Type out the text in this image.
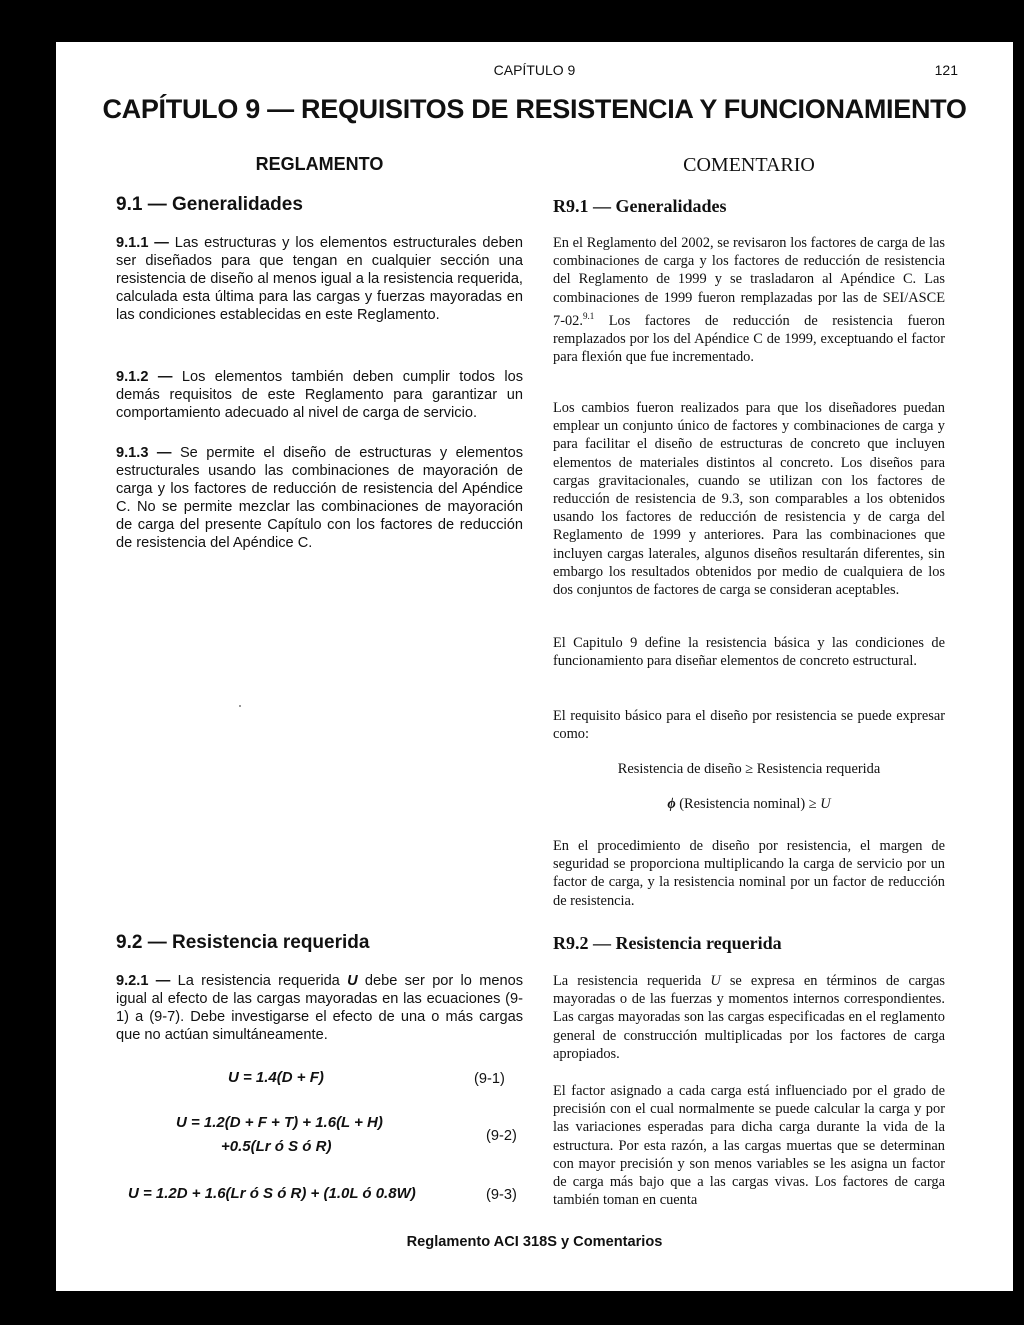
CAPÍTULO 9	121
CAPÍTULO 9 — REQUISITOS DE RESISTENCIA Y FUNCIONAMIENTO
REGLAMENTO	COMENTARIO
9.1 — Generalidades

9.1.1 — Las estructuras y los elementos estructurales deben ser diseñados para que tengan en cualquier sección una resistencia de diseño al menos igual a la resistencia requerida, calculada esta última para las cargas y fuerzas mayoradas en las condiciones establecidas en este Reglamento.

9.1.2 — Los elementos también deben cumplir todos los demás requisitos de este Reglamento para garantizar un comportamiento adecuado al nivel de carga de servicio.

9.1.3 — Se permite el diseño de estructuras y elementos estructurales usando las combinaciones de mayoración de carga y los factores de reducción de resistencia del Apéndice C. No se permite mezclar las combinaciones de mayoración de carga del presente Capítulo con los factores de reducción de resistencia del Apéndice C.

9.2 — Resistencia requerida

9.2.1 — La resistencia requerida U debe ser por lo menos igual al efecto de las cargas mayoradas en las ecuaciones (9-1) a (9-7). Debe investigarse el efecto de una o más cargas que no actúan simultáneamente.

U = 1.4(D + F)	(9-1)
U = 1.2(D + F + T) + 1.6(L + H)
+0.5(Lr ó S ó R)
(9-2)
U = 1.2D + 1.6(Lr ó S ó R) + (1.0L ó 0.8W)	(9-3)
R9.1 — Generalidades

En el Reglamento del 2002, se revisaron los factores de carga de las combinaciones de carga y los factores de reducción de resistencia del Reglamento de 1999 y se trasladaron al Apéndice C. Las combinaciones de 1999 fueron remplazadas por las de SEI/ASCE 7-02.$^{9.1}$ Los factores de reducción de resistencia fueron remplazados por los del Apéndice C de 1999, exceptuando el factor para flexión que fue incrementado.

Los cambios fueron realizados para que los diseñadores puedan emplear un conjunto único de factores y combinaciones de carga y para facilitar el diseño de estructuras de concreto que incluyen elementos de materiales distintos al concreto. Los diseños para cargas gravitacionales, cuando se utilizan con los factores de reducción de resistencia de 9.3, son comparables a los obtenidos usando los factores de reducción de resistencia y de carga del Reglamento de 1999 y anteriores. Para las combinaciones que incluyen cargas laterales, algunos diseños resultarán diferentes, sin embargo los resultados obtenidos por medio de cualquiera de los dos conjuntos de factores de carga se consideran aceptables.

El Capitulo 9 define la resistencia básica y las condiciones de funcionamiento para diseñar elementos de concreto estructural.

El requisito básico para el diseño por resistencia se puede expresar como:

Resistencia de diseño ≥ Resistencia requerida
ϕ (Resistencia nominal) ≥ U

En el procedimiento de diseño por resistencia, el margen de seguridad se proporciona multiplicando la carga de servicio por un factor de carga, y la resistencia nominal por un factor de reducción de resistencia.

R9.2 — Resistencia requerida

La resistencia requerida U se expresa en términos de cargas mayoradas o de las fuerzas y momentos internos correspondientes. Las cargas mayoradas son las cargas especificadas en el reglamento general de construcción multiplicadas por los factores de carga apropiados.

El factor asignado a cada carga está influenciado por el grado de precisión con el cual normalmente se puede calcular la carga y por las variaciones esperadas para dicha carga durante la vida de la estructura. Por esta razón, a las cargas muertas que se determinan con mayor precisión y son menos variables se les asigna un factor de carga más bajo que a las cargas vivas. Los factores de carga también toman en cuenta

Reglamento ACI 318S y Comentarios
